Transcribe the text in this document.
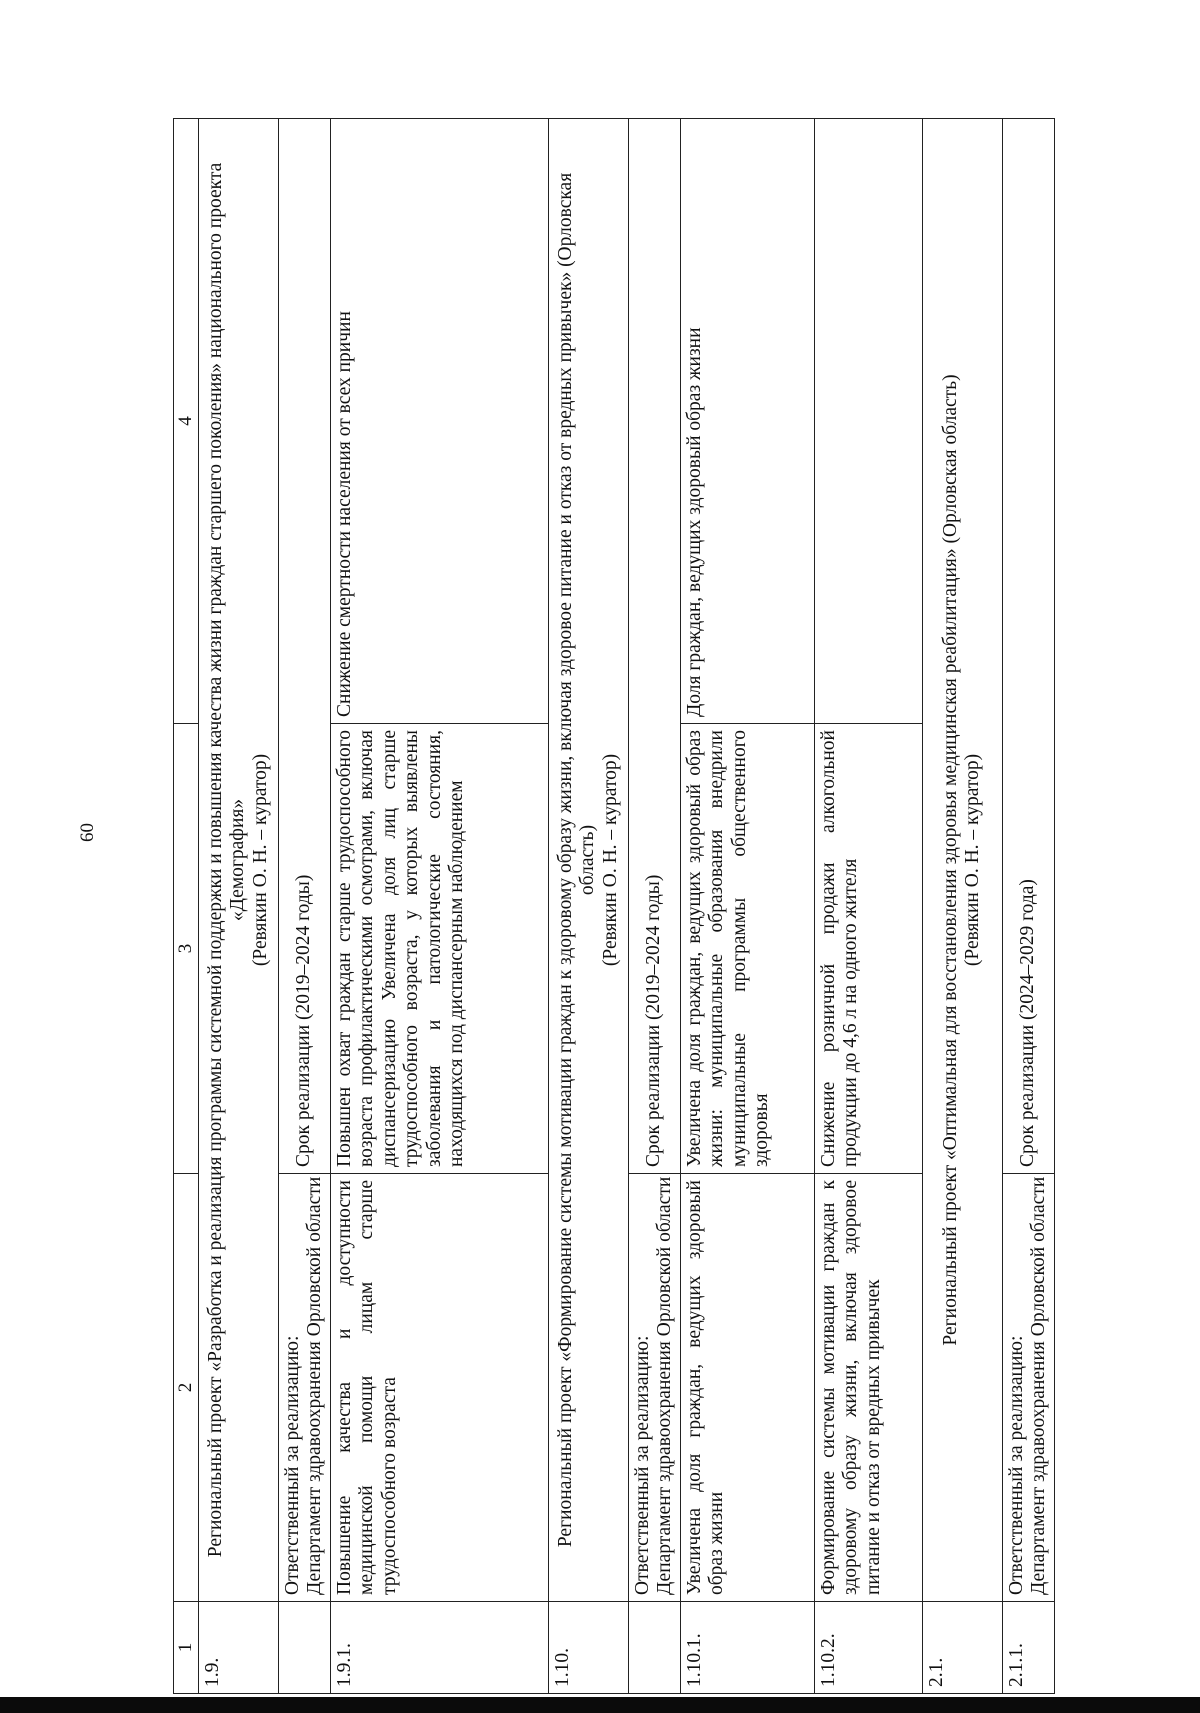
60
1	2	3	4
1.9.	Региональный проект «Разработка и реализация программы системной поддержки и повышения качества жизни граждан старшего поколения» национального проекта «Демография» (Ревякин О. Н. – куратор)		

	Ответственный за реализацию: Департамент здравоохранения Орловской области	Срок реализации (2019–2024 годы)	
1.9.1.	Повышение качества и доступности медицинской помощи лицам старше трудоспособного возраста	Повышен охват граждан старше трудоспособного возраста профилактическими осмотрами, включая диспансеризацию Увеличена доля лиц старше трудоспособного возраста, у которых выявлены заболевания и патологические состояния, находящихся под диспансерным наблюдением	Снижение смертности населения от всех причин
1.10.	Региональный проект «Формирование системы мотивации граждан к здоровому образу жизни, включая здоровое питание и отказ от вредных привычек» (Орловская область) (Ревякин О. Н. – куратор)		

	Ответственный за реализацию: Департамент здравоохранения Орловской области	Срок реализации (2019–2024 годы)	
1.10.1.	Увеличена доля граждан, ведущих здоровый образ жизни	Увеличена доля граждан, ведущих здоровый образ жизни: муниципальные образования внедрили муниципальные программы общественного здоровья	Доля граждан, ведущих здоровый образ жизни
1.10.2.	Формирование системы мотивации граждан к здоровому образу жизни, включая здоровое питание и отказ от вредных привычек	Снижение розничной продажи алкогольной продукции до 4,6 л на одного жителя	
2.1.	Региональный проект «Оптимальная для восстановления здоровья медицинская реабилитация» (Орловская область) (Ревякин О. Н. – куратор)		

2.1.1.	Ответственный за реализацию: Департамент здравоохранения Орловской области	Срок реализации (2024–2029 года)	
